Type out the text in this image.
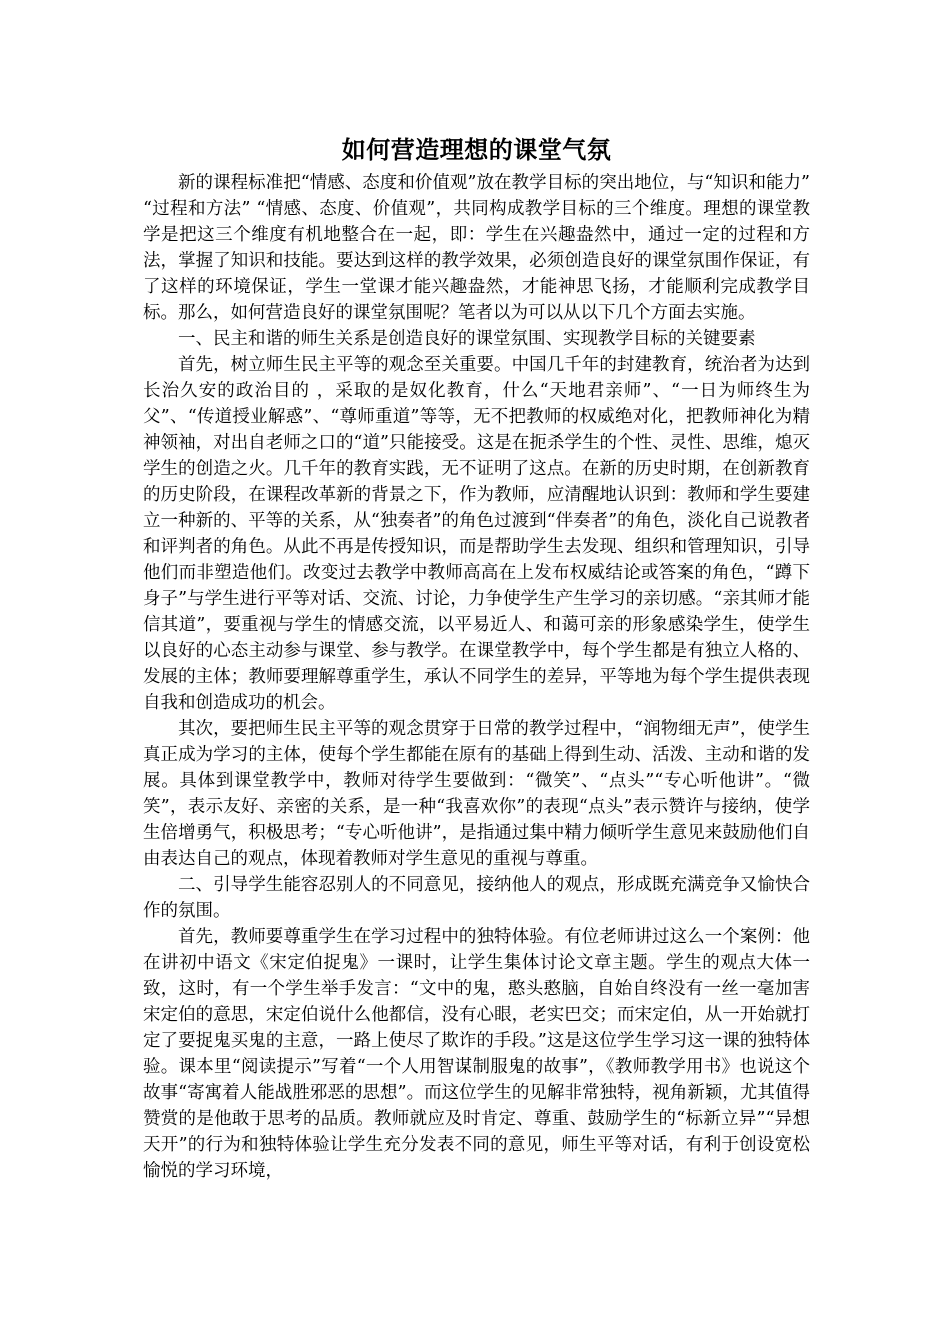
如何营造理想的课堂气氛

新的课程标准把“情感、态度和价值观”放在教学目标的突出地位，与“知识和能力” “过程和方法” “情感、态度、价值观”，共同构成教学目标的三个维度。理想的课堂教学是把这三个维度有机地整合在一起，即：学生在兴趣盎然中，通过一定的过程和方法，掌握了知识和技能。要达到这样的教学效果，必须创造良好的课堂氛围作保证，有了这样的环境保证，学生一堂课才能兴趣盎然，才能神思飞扬，才能顺利完成教学目标。那么，如何营造良好的课堂氛围呢？笔者以为可以从以下几个方面去实施。

一、民主和谐的师生关系是创造良好的课堂氛围、实现教学目标的关键要素

首先，树立师生民主平等的观念至关重要。中国几千年的封建教育，统治者为达到长治久安的政治目的 ，采取的是奴化教育，什么“天地君亲师”、“一日为师终生为父”、“传道授业解惑”、“尊师重道”等等，无不把教师的权威绝对化，把教师神化为精神领袖，对出自老师之口的“道”只能接受。这是在扼杀学生的个性、灵性、思维，熄灭学生的创造之火。几千年的教育实践，无不证明了这点。在新的历史时期，在创新教育的历史阶段，在课程改革新的背景之下，作为教师，应清醒地认识到：教师和学生要建立一种新的、平等的关系，从“独奏者”的角色过渡到“伴奏者”的角色，淡化自己说教者和评判者的角色。从此不再是传授知识，而是帮助学生去发现、组织和管理知识，引导他们而非塑造他们。改变过去教学中教师高高在上发布权威结论或答案的角色，“蹲下身子”与学生进行平等对话、交流、讨论，力争使学生产生学习的亲切感。“亲其师才能信其道”，要重视与学生的情感交流，以平易近人、和蔼可亲的形象感染学生，使学生以良好的心态主动参与课堂、参与教学。在课堂教学中，每个学生都是有独立人格的、发展的主体；教师要理解尊重学生，承认不同学生的差异，平等地为每个学生提供表现自我和创造成功的机会。

其次，要把师生民主平等的观念贯穿于日常的教学过程中，“润物细无声”，使学生真正成为学习的主体，使每个学生都能在原有的基础上得到生动、活泼、主动和谐的发展。具体到课堂教学中，教师对待学生要做到：“微笑”、“点头”“专心听他讲”。“微笑”，表示友好、亲密的关系，是一种“我喜欢你”的表现“点头”表示赞许与接纳，使学生倍增勇气，积极思考；“专心听他讲”，是指通过集中精力倾听学生意见来鼓励他们自由表达自己的观点，体现着教师对学生意见的重视与尊重。

二、引导学生能容忍别人的不同意见，接纳他人的观点，形成既充满竞争又愉快合作的氛围。

首先，教师要尊重学生在学习过程中的独特体验。有位老师讲过这么一个案例：他在讲初中语文《宋定伯捉鬼》一课时，让学生集体讨论文章主题。学生的观点大体一致，这时，有一个学生举手发言：“文中的鬼，憨头憨脑，自始自终没有一丝一毫加害宋定伯的意思，宋定伯说什么他都信，没有心眼，老实巴交；而宋定伯，从一开始就打定了要捉鬼买鬼的主意，一路上使尽了欺诈的手段。”这是这位学生学习这一课的独特体验。课本里“阅读提示”写着“一个人用智谋制服鬼的故事”，《教师教学用书》也说这个故事“寄寓着人能战胜邪恶的思想”。而这位学生的见解非常独特，视角新颖，尤其值得赞赏的是他敢于思考的品质。教师就应及时肯定、尊重、鼓励学生的“标新立异”“异想天开”的行为和独特体验让学生充分发表不同的意见，师生平等对话，有利于创设宽松愉悦的学习环境，
